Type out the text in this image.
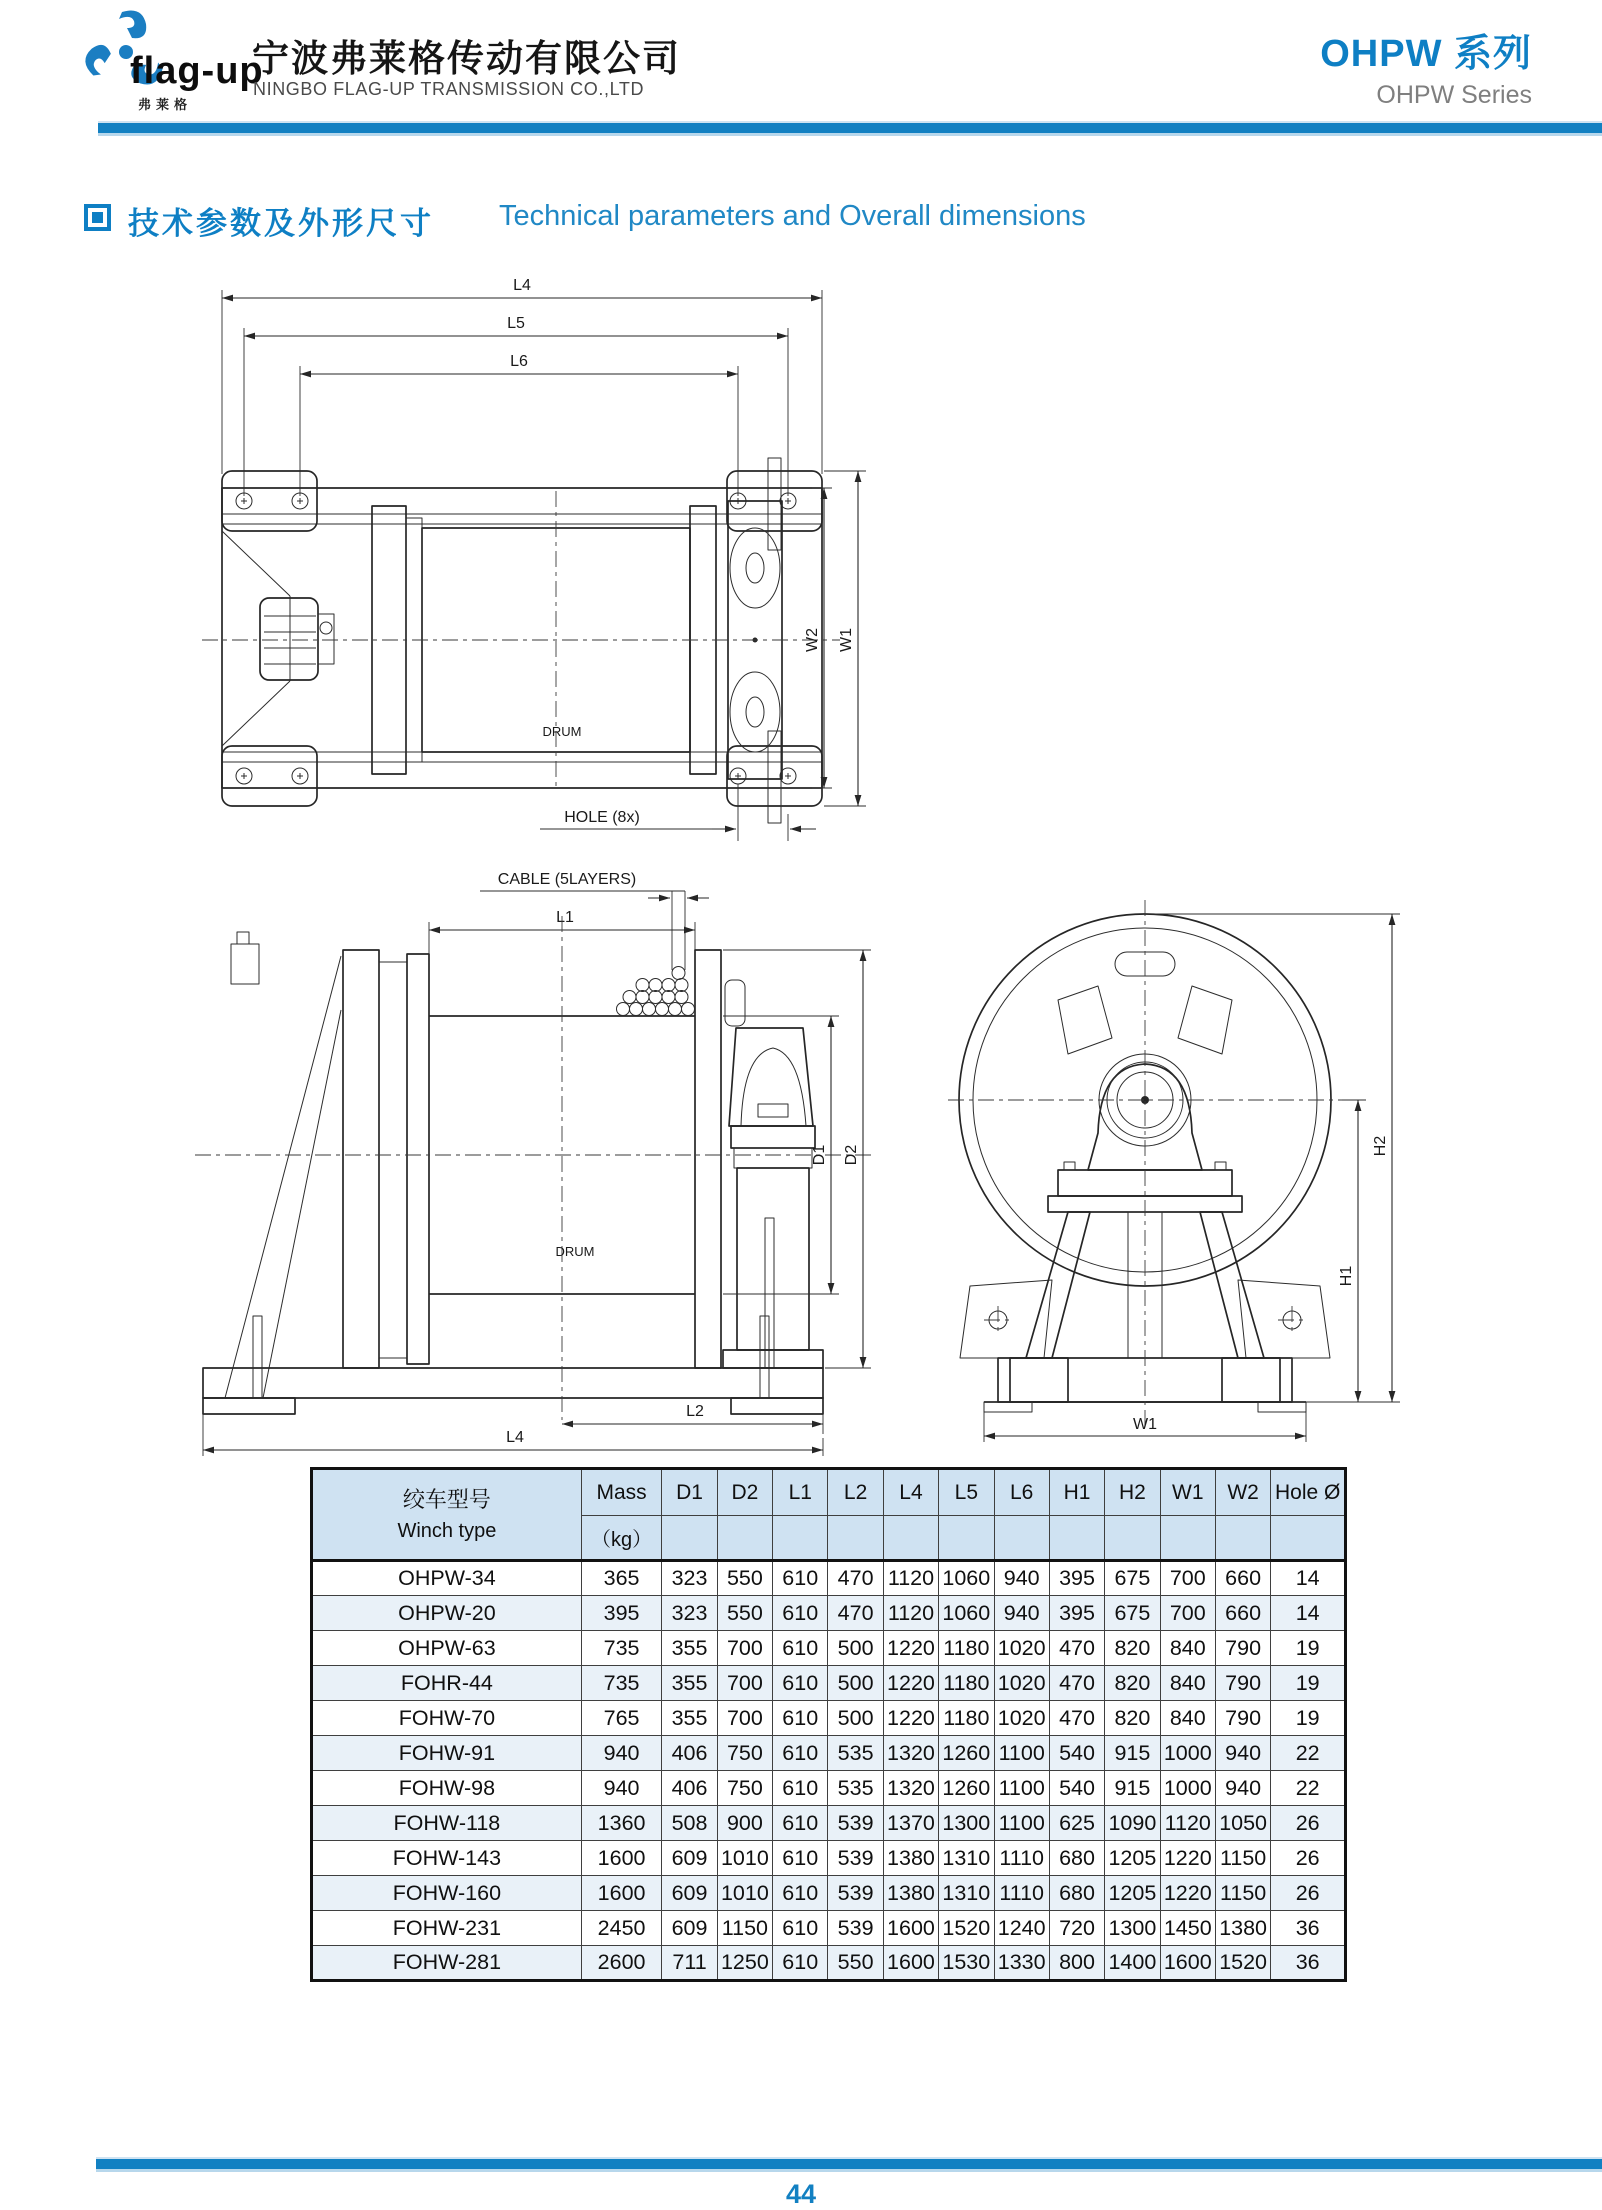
flag-up
弗莱格
宁波弗莱格传动有限公司
NINGBO FLAG-UP TRANSMISSION CO.,LTD
OHPW 系列
OHPW Series
技术参数及外形尺寸 Technical parameters and Overall dimensions
L4
L5
L6
DRUM
W2 W1
HOLE (8x)
CABLE (5LAYERS)
L1
DRUM
D1 D2
L2
L4
H2
H1
W1
绞车型号
Winch type	Mass	D1	D2	L1	L2	L4	L5	L6	H1	H2	W1	W2	Hole Ø
	（kg）												
OHPW-34	365	323	550	610	470	1120	1060	940	395	675	700	660	14
OHPW-20	395	323	550	610	470	1120	1060	940	395	675	700	660	14
OHPW-63	735	355	700	610	500	1220	1180	1020	470	820	840	790	19
FOHR-44	735	355	700	610	500	1220	1180	1020	470	820	840	790	19
FOHW-70	765	355	700	610	500	1220	1180	1020	470	820	840	790	19
FOHW-91	940	406	750	610	535	1320	1260	1100	540	915	1000	940	22
FOHW-98	940	406	750	610	535	1320	1260	1100	540	915	1000	940	22
FOHW-118	1360	508	900	610	539	1370	1300	1100	625	1090	1120	1050	26
FOHW-143	1600	609	1010	610	539	1380	1310	1110	680	1205	1220	1150	26
FOHW-160	1600	609	1010	610	539	1380	1310	1110	680	1205	1220	1150	26
FOHW-231	2450	609	1150	610	539	1600	1520	1240	720	1300	1450	1380	36
FOHW-281	2600	711	1250	610	550	1600	1530	1330	800	1400	1600	1520	36
44
